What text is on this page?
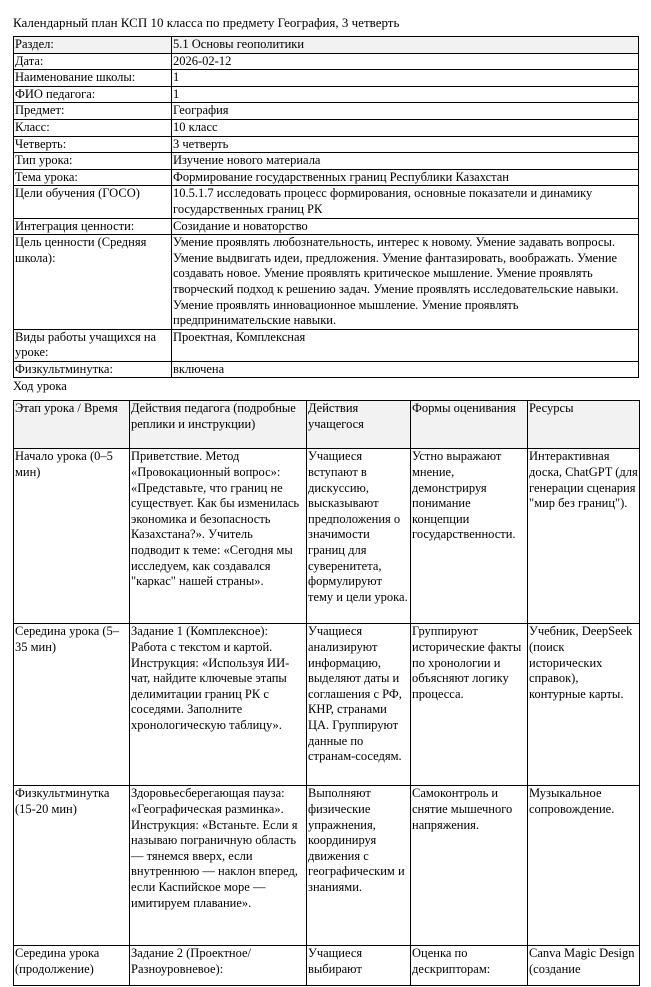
Календарный план КСП 10 класса по предмету География, 3 четверть
Раздел:	5.1 Основы геополитики
Дата:	2026-02-12
Наименование школы:	1
ФИО педагога:	1
Предмет:	География
Класс:	10 класс
Четверть:	3 четверть
Тип урока:	Изучение нового материала
Тема урока:	Формирование государственных границ Республики Казахстан
Цели обучения (ГОСО)	10.5.1.7 исследовать процесс формирования, основные показатели и динамику государственных границ РК
Интеграция ценности:	Созидание и новаторство
Цель ценности (Средняя школа):	Умение проявлять любознательность, интерес к новому. Умение задавать вопросы. Умение выдвигать идеи, предложения. Умение фантазировать, воображать. Умение создавать новое. Умение проявлять критическое мышление. Умение проявлять творческий подход к решению задач. Умение проявлять исследовательские навыки. Умение проявлять инновационное мышление. Умение проявлять предпринимательские навыки.
Виды работы учащихся на уроке:	Проектная, Комплексная
Физкультминутка:	включена
Ход урока
Этап урока / Время	Действия педагога (подробные реплики и инструкции)	Действия учащегося	Формы оценивания	Ресурсы
Начало урока (0–5 мин)	Приветствие. Метод «Провокационный вопрос»: «Представьте, что границ не существует. Как бы изменилась экономика и безопасность Казахстана?». Учитель подводит к теме: «Сегодня мы исследуем, как создавался "каркас" нашей страны».	Учащиеся вступают в дискуссию, высказывают предположения о значимости границ для суверенитета, формулируют тему и цели урока.	Устно выражают мнение, демонстрируя понимание концепции государственности.	Интерактивная доска, ChatGPT (для генерации сценария "мир без границ").
Середина урока (5–35 мин)	Задание 1 (Комплексное): Работа с текстом и картой. Инструкция: «Используя ИИ-чат, найдите ключевые этапы делимитации границ РК с соседями. Заполните хронологическую таблицу».	Учащиеся анализируют информацию, выделяют даты и соглашения с РФ, КНР, странами ЦА. Группируют данные по странам-соседям.	Группируют исторические факты по хронологии и объясняют логику процесса.	Учебник, DeepSeek (поиск исторических справок), контурные карты.
Физкультминутка (15-20 мин)	Здоровьесберегающая пауза: «Географическая разминка». Инструкция: «Встаньте. Если я называю пограничную область — тянемся вверх, если внутреннюю — наклон вперед, если Каспийское море — имитируем плавание».	Выполняют физические упражнения, координируя движения с географическим и знаниями.	Самоконтроль и снятие мышечного напряжения.	Музыкальное сопровождение.
Середина урока (продолжение)	Задание 2 (Проектное/Разноуровневое):	Учащиеся выбирают	Оценка по дескрипторам:	Canva Magic Design (создание
